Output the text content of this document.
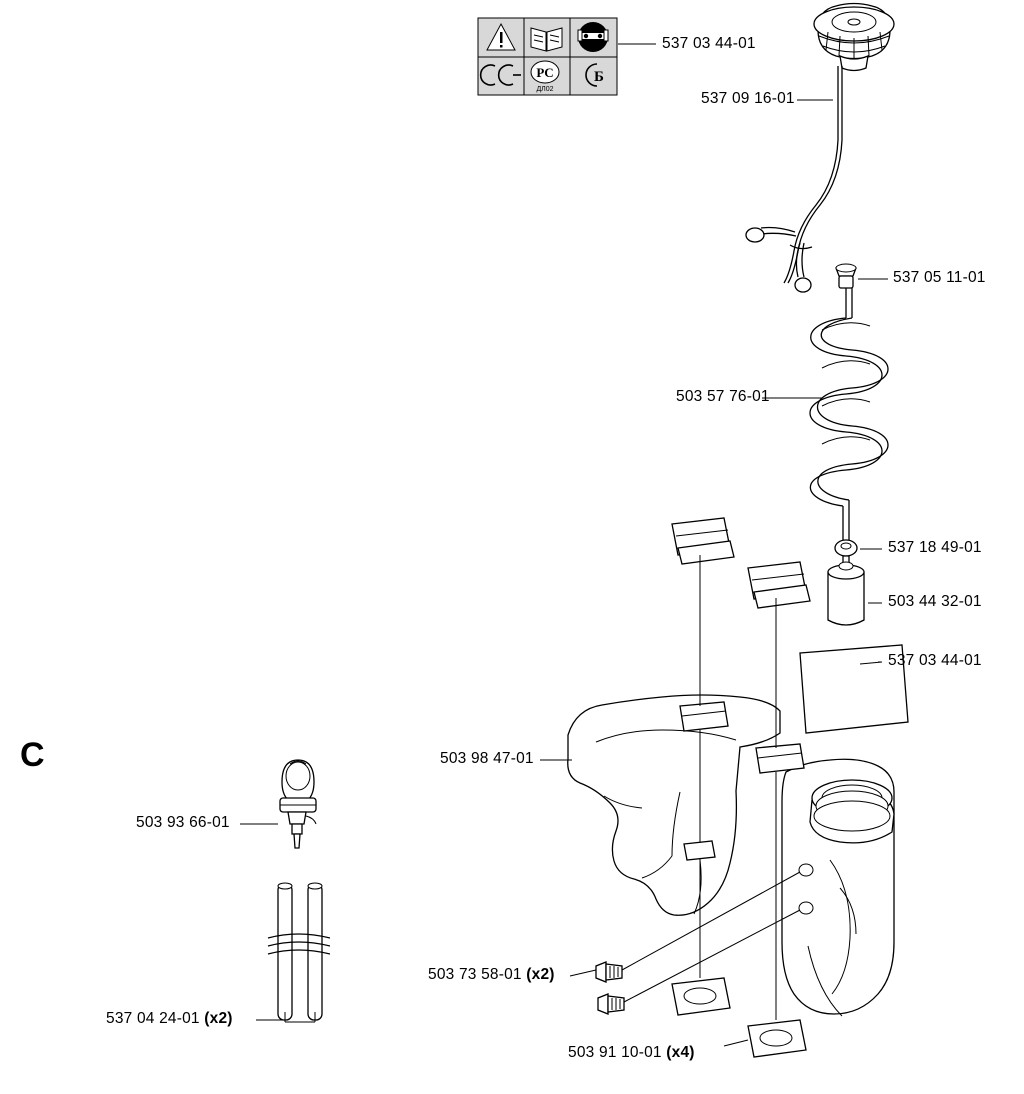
PC
ДЛ02
Ƃ
C
537 03 44-01
537 09 16-01
537 05 11-01
503 57 76-01
537 18 49-01
503 44 32-01
537 03 44-01
503 98 47-01
503 93 66-01
503 73 58-01 (x2)
537 04 24-01 (x2)
503 91 10-01 (x4)
